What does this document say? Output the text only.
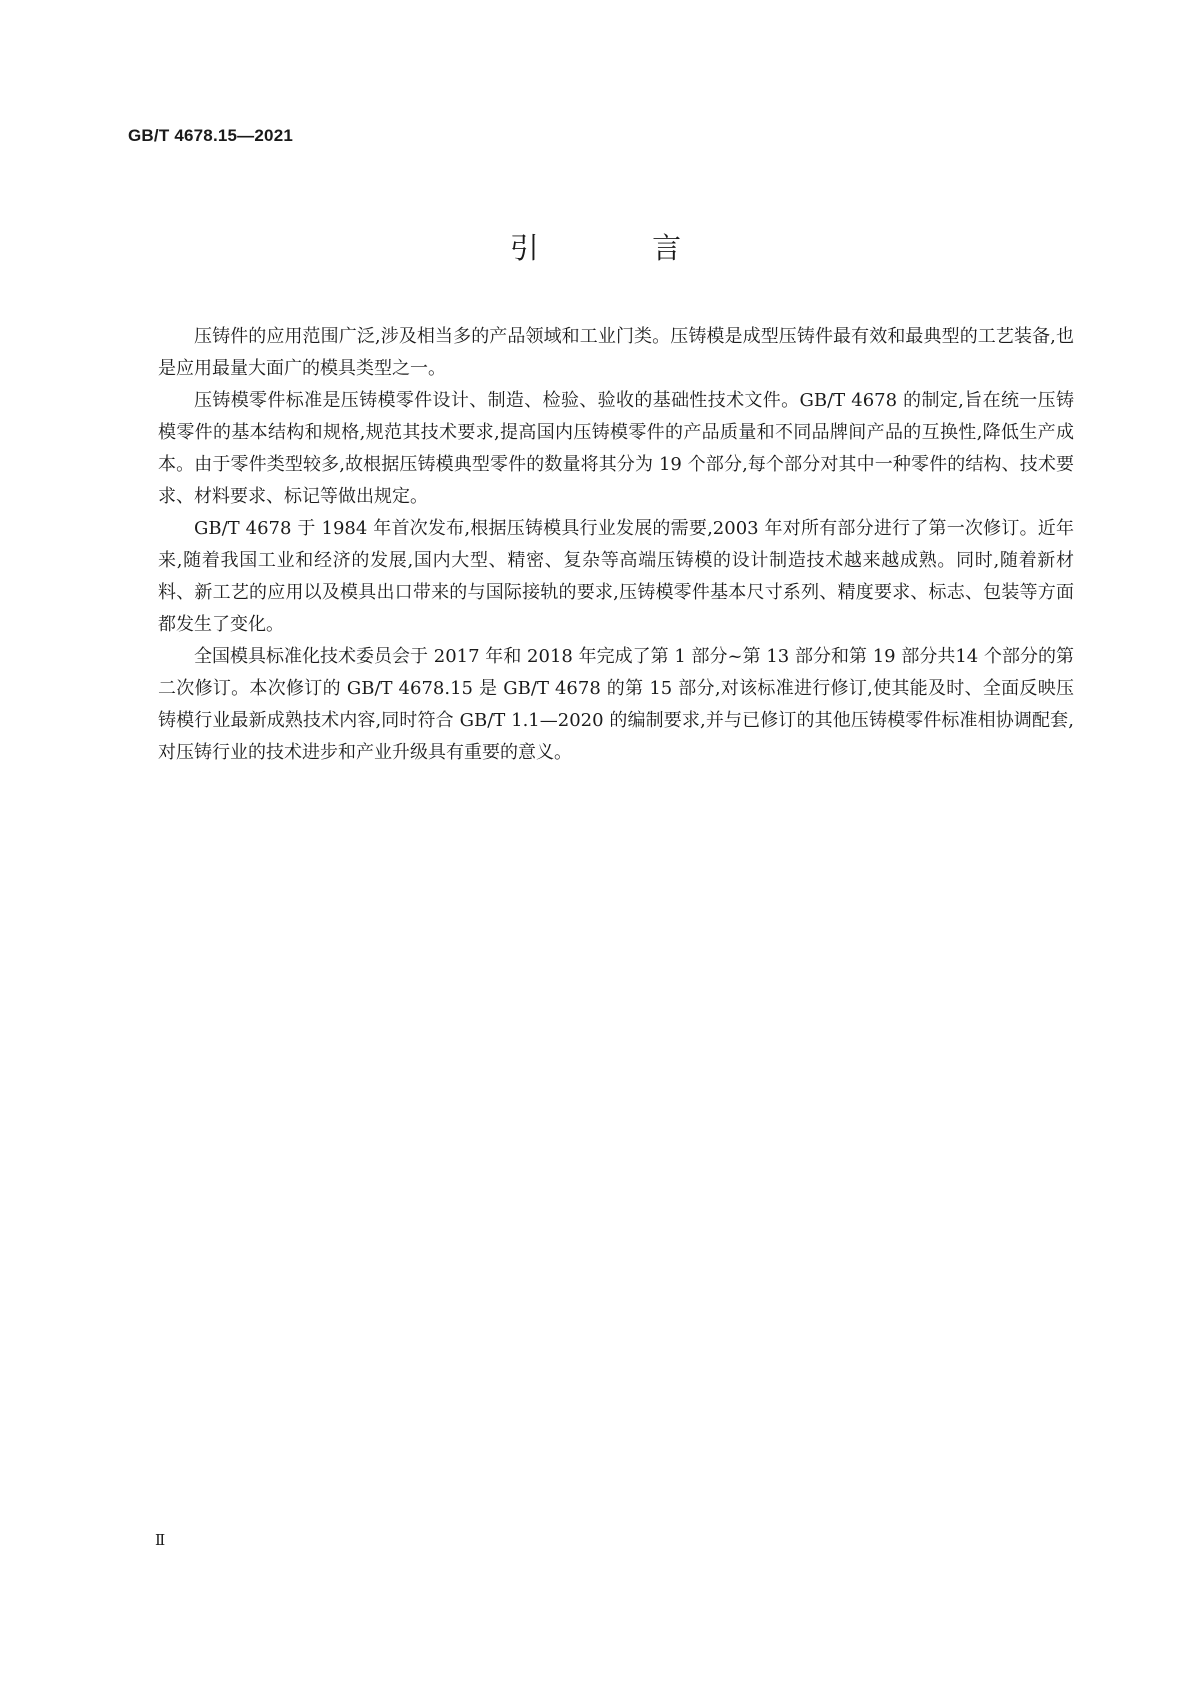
GB/T 4678.15—2021
引 言

压铸件的应用范围广泛,涉及相当多的产品领域和工业门类。压铸模是成型压铸件最有效和最典型的工艺装备,也是应用最量大面广的模具类型之一。

压铸模零件标准是压铸模零件设计、制造、检验、验收的基础性技术文件。GB/T 4678 的制定,旨在统一压铸模零件的基本结构和规格,规范其技术要求,提高国内压铸模零件的产品质量和不同品牌间产品的互换性,降低生产成本。由于零件类型较多,故根据压铸模典型零件的数量将其分为 19 个部分,每个部分对其中一种零件的结构、技术要求、材料要求、标记等做出规定。

GB/T 4678 于 1984 年首次发布,根据压铸模具行业发展的需要,2003 年对所有部分进行了第一次修订。近年来,随着我国工业和经济的发展,国内大型、精密、复杂等高端压铸模的设计制造技术越来越成熟。同时,随着新材料、新工艺的应用以及模具出口带来的与国际接轨的要求,压铸模零件基本尺寸系列、精度要求、标志、包装等方面都发生了变化。

全国模具标准化技术委员会于 2017 年和 2018 年完成了第 1 部分~第 13 部分和第 19 部分共14 个部分的第二次修订。本次修订的 GB/T 4678.15 是 GB/T 4678 的第 15 部分,对该标准进行修订,使其能及时、全面反映压铸模行业最新成熟技术内容,同时符合 GB/T 1.1—2020 的编制要求,并与已修订的其他压铸模零件标准相协调配套,对压铸行业的技术进步和产业升级具有重要的意义。

Ⅱ
